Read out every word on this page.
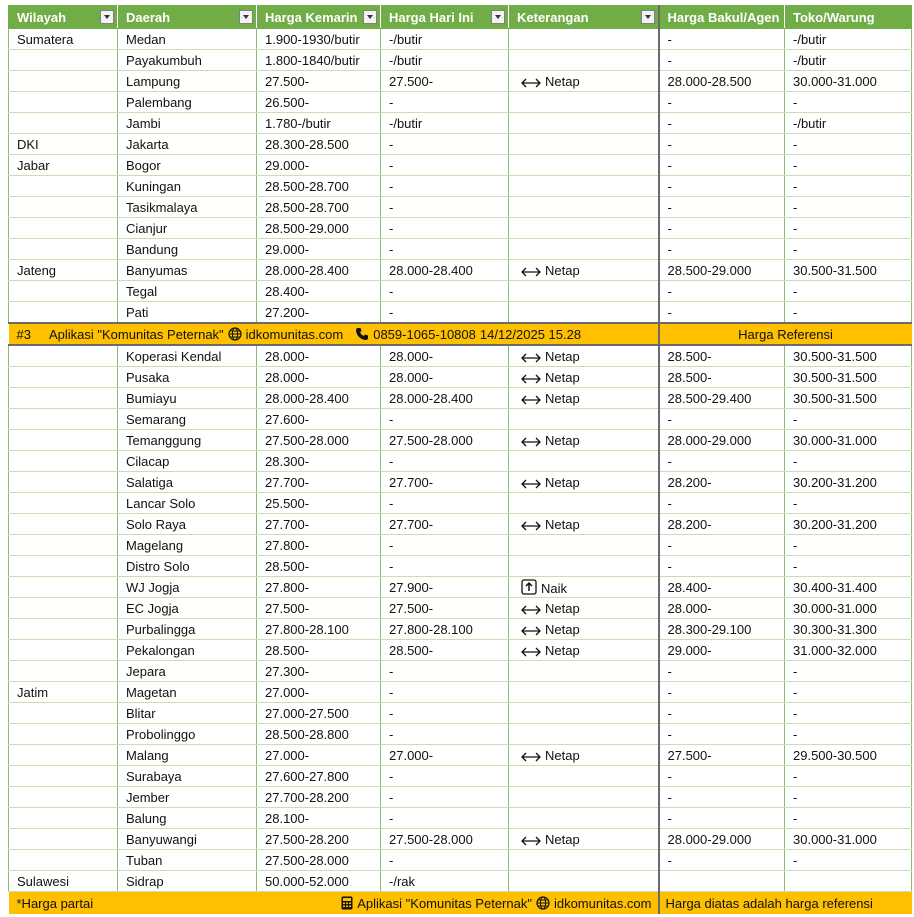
Wilayah	Daerah	Harga Kemarin	Harga Hari Ini	Keterangan	Harga Bakul/Agen	Toko/Warung
Sumatera	Medan	1.900-1930/butir	-/butir		-	-/butir
	Payakumbuh	1.800-1840/butir	-/butir		-	-/butir
	Lampung	27.500-	27.500-	Netap	28.000-28.500	30.000-31.000
	Palembang	26.500-	-		-	-
	Jambi	1.780-/butir	-/butir		-	-/butir
DKI	Jakarta	28.300-28.500	-		-	-
Jabar	Bogor	29.000-	-		-	-
	Kuningan	28.500-28.700	-		-	-
	Tasikmalaya	28.500-28.700	-		-	-
	Cianjur	28.500-29.000	-		-	-
	Bandung	29.000-	-		-	-
Jateng	Banyumas	28.000-28.400	28.000-28.400	Netap	28.500-29.000	30.500-31.500
	Tegal	28.400-	-		-	-
	Pati	27.200-	-		-	-
#3 Aplikasi "Komunitas Peternak" idkomunitas.com 0859-1065-10808 14/12/2025 15.28					Harga Referensi	
	Koperasi Kendal	28.000-	28.000-	Netap	28.500-	30.500-31.500
	Pusaka	28.000-	28.000-	Netap	28.500-	30.500-31.500
	Bumiayu	28.000-28.400	28.000-28.400	Netap	28.500-29.400	30.500-31.500
	Semarang	27.600-	-		-	-
	Temanggung	27.500-28.000	27.500-28.000	Netap	28.000-29.000	30.000-31.000
	Cilacap	28.300-	-		-	-
	Salatiga	27.700-	27.700-	Netap	28.200-	30.200-31.200
	Lancar Solo	25.500-	-		-	-
	Solo Raya	27.700-	27.700-	Netap	28.200-	30.200-31.200
	Magelang	27.800-	-		-	-
	Distro Solo	28.500-	-		-	-
	WJ Jogja	27.800-	27.900-	Naik	28.400-	30.400-31.400
	EC Jogja	27.500-	27.500-	Netap	28.000-	30.000-31.000
	Purbalingga	27.800-28.100	27.800-28.100	Netap	28.300-29.100	30.300-31.300
	Pekalongan	28.500-	28.500-	Netap	29.000-	31.000-32.000
	Jepara	27.300-	-		-	-
Jatim	Magetan	27.000-	-		-	-
	Blitar	27.000-27.500	-		-	-
	Probolinggo	28.500-28.800	-		-	-
	Malang	27.000-	27.000-	Netap	27.500-	29.500-30.500
	Surabaya	27.600-27.800	-		-	-
	Jember	27.700-28.200	-		-	-
	Balung	28.100-	-		-	-
	Banyuwangi	27.500-28.200	27.500-28.000	Netap	28.000-29.000	30.000-31.000
	Tuban	27.500-28.000	-		-	-
Sulawesi	Sidrap	50.000-52.000	-/rak			
*Harga partai		Aplikasi "Komunitas Peternak" idkomunitas.com			Harga diatas adalah harga referensi	
